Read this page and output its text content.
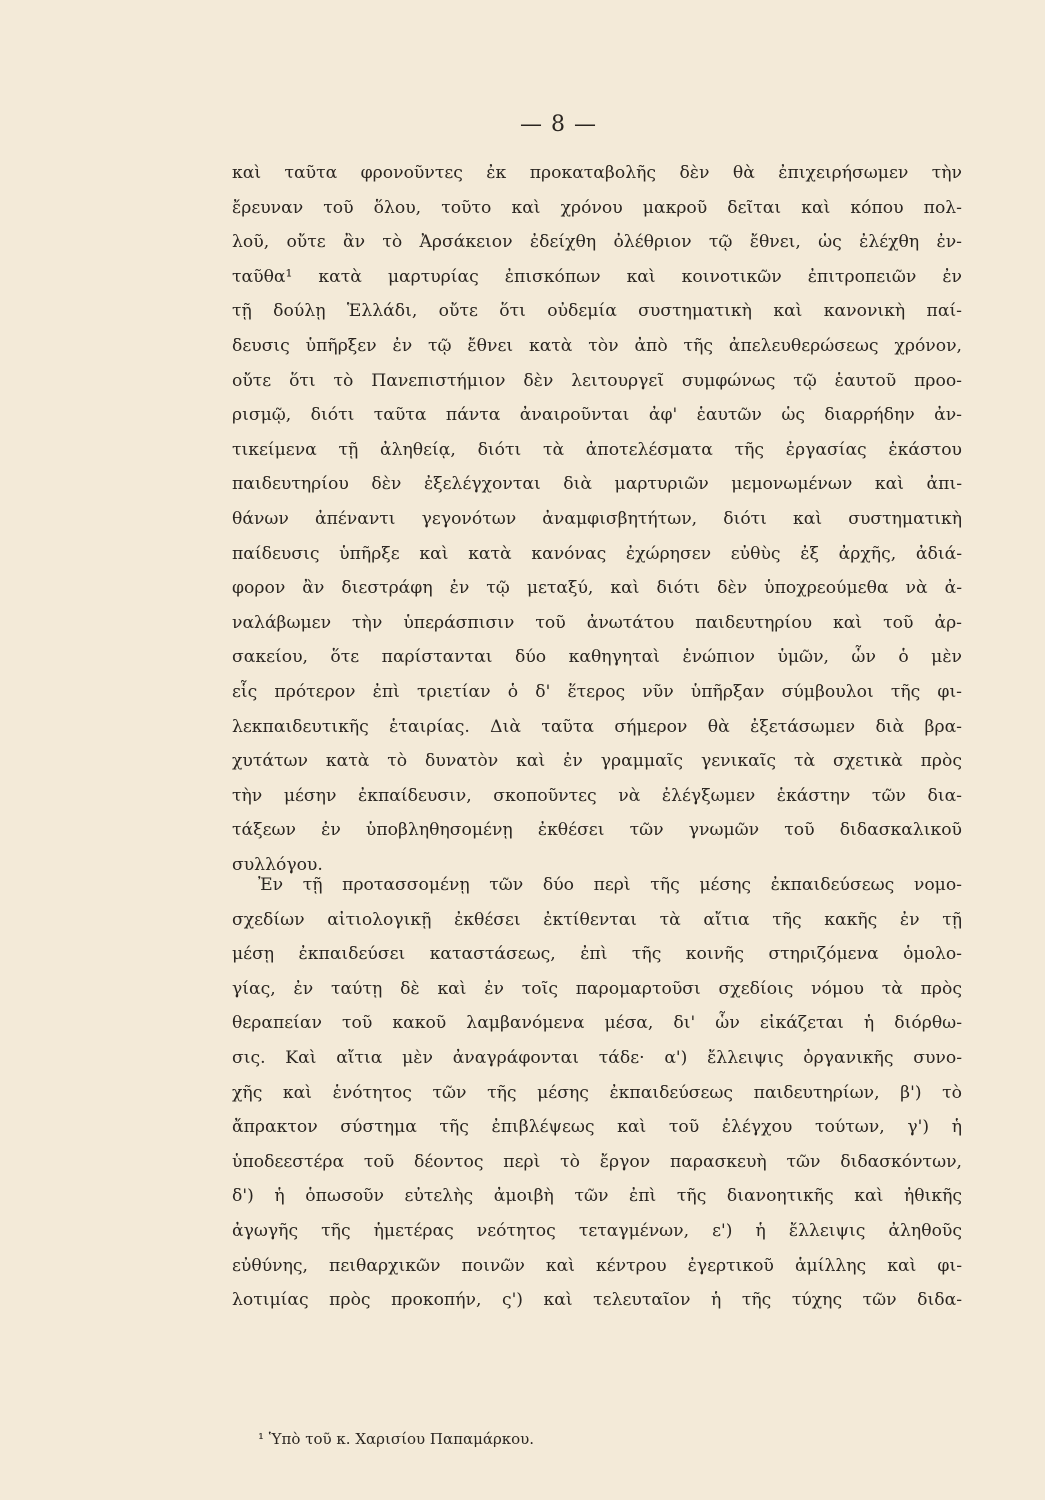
— 8 —

καὶ ταῦτα φρονοῦντες ἐκ προκαταβολῆς δὲν θὰ ἐπιχειρήσωμεν τὴν
ἔρευναν τοῦ ὅλου, τοῦτο καὶ χρόνου μακροῦ δεῖται καὶ κόπου πολ-
λοῦ, οὔτε ἂν τὸ Ἀρσάκειον ἐδείχθη ὀλέθριον τῷ ἔθνει, ὡς ἐλέχθη ἐν-
ταῦθα¹ κατὰ μαρτυρίας ἐπισκόπων καὶ κοινοτικῶν ἐπιτροπειῶν ἐν
τῇ δούλῃ Ἑλλάδι, οὔτε ὅτι οὐδεμία συστηματικὴ καὶ κανονικὴ παί-
δευσις ὑπῆρξεν ἐν τῷ ἔθνει κατὰ τὸν ἀπὸ τῆς ἀπελευθερώσεως χρόνον,
οὔτε ὅτι τὸ Πανεπιστήμιον δὲν λειτουργεῖ συμφώνως τῷ ἑαυτοῦ προο-
ρισμῷ, διότι ταῦτα πάντα ἀναιροῦνται ἀφ' ἑαυτῶν ὡς διαρρήδην ἀν-
τικείμενα τῇ ἀληθείᾳ, διότι τὰ ἀποτελέσματα τῆς ἐργασίας ἑκάστου
παιδευτηρίου δὲν ἐξελέγχονται διὰ μαρτυριῶν μεμονωμένων καὶ ἀπι-
θάνων ἀπέναντι γεγονότων ἀναμφισβητήτων, διότι καὶ συστηματικὴ
παίδευσις ὑπῆρξε καὶ κατὰ κανόνας ἐχώρησεν εὐθὺς ἐξ ἀρχῆς, ἀδιά-
φορον ἂν διεστράφη ἐν τῷ μεταξύ, καὶ διότι δὲν ὑποχρεούμεθα νὰ ἀ-
ναλάβωμεν τὴν ὑπεράσπισιν τοῦ ἀνωτάτου παιδευτηρίου καὶ τοῦ ἀρ-
σακείου, ὅτε παρίστανται δύο καθηγηταὶ ἐνώπιον ὑμῶν, ὧν ὁ μὲν
εἷς πρότερον ἐπὶ τριετίαν ὁ δ' ἕτερος νῦν ὑπῆρξαν σύμβουλοι τῆς φι-
λεκπαιδευτικῆς ἑταιρίας. Διὰ ταῦτα σήμερον θὰ ἐξετάσωμεν διὰ βρα-
χυτάτων κατὰ τὸ δυνατὸν καὶ ἐν γραμμαῖς γενικαῖς τὰ σχετικὰ πρὸς
τὴν μέσην ἐκπαίδευσιν, σκοποῦντες νὰ ἐλέγξωμεν ἑκάστην τῶν δια-
τάξεων ἐν ὑποβληθησομένῃ ἐκθέσει τῶν γνωμῶν τοῦ διδασκαλικοῦ
συλλόγου.
Ἐν τῇ προτασσομένῃ τῶν δύο περὶ τῆς μέσης ἐκπαιδεύσεως νομο-
σχεδίων αἰτιολογικῇ ἐκθέσει ἐκτίθενται τὰ αἴτια τῆς κακῆς ἐν τῇ
μέσῃ ἐκπαιδεύσει καταστάσεως, ἐπὶ τῆς κοινῆς στηριζόμενα ὁμολο-
γίας, ἐν ταύτῃ δὲ καὶ ἐν τοῖς παρομαρτοῦσι σχεδίοις νόμου τὰ πρὸς
θεραπείαν τοῦ κακοῦ λαμβανόμενα μέσα, δι' ὧν εἰκάζεται ἡ διόρθω-
σις. Καὶ αἴτια μὲν ἀναγράφονται τάδε· α') ἔλλειψις ὀργανικῆς συνο-
χῆς καὶ ἑνότητος τῶν τῆς μέσης ἐκπαιδεύσεως παιδευτηρίων, β') τὸ
ἄπρακτον σύστημα τῆς ἐπιβλέψεως καὶ τοῦ ἐλέγχου τούτων, γ') ἡ
ὑποδεεστέρα τοῦ δέοντος περὶ τὸ ἔργον παρασκευὴ τῶν διδασκόντων,
δ') ἡ ὁπωσοῦν εὐτελὴς ἀμοιβὴ τῶν ἐπὶ τῆς διανοητικῆς καὶ ἠθικῆς
ἀγωγῆς τῆς ἡμετέρας νεότητος τεταγμένων, ε') ἡ ἔλλειψις ἀληθοῦς
εὐθύνης, πειθαρχικῶν ποινῶν καὶ κέντρου ἐγερτικοῦ ἁμίλλης καὶ φι-
λοτιμίας πρὸς προκοπήν, ς') καὶ τελευταῖον ἡ τῆς τύχης τῶν διδα-

¹ Ὑπὸ τοῦ κ. Χαρισίου Παπαμάρκου.
